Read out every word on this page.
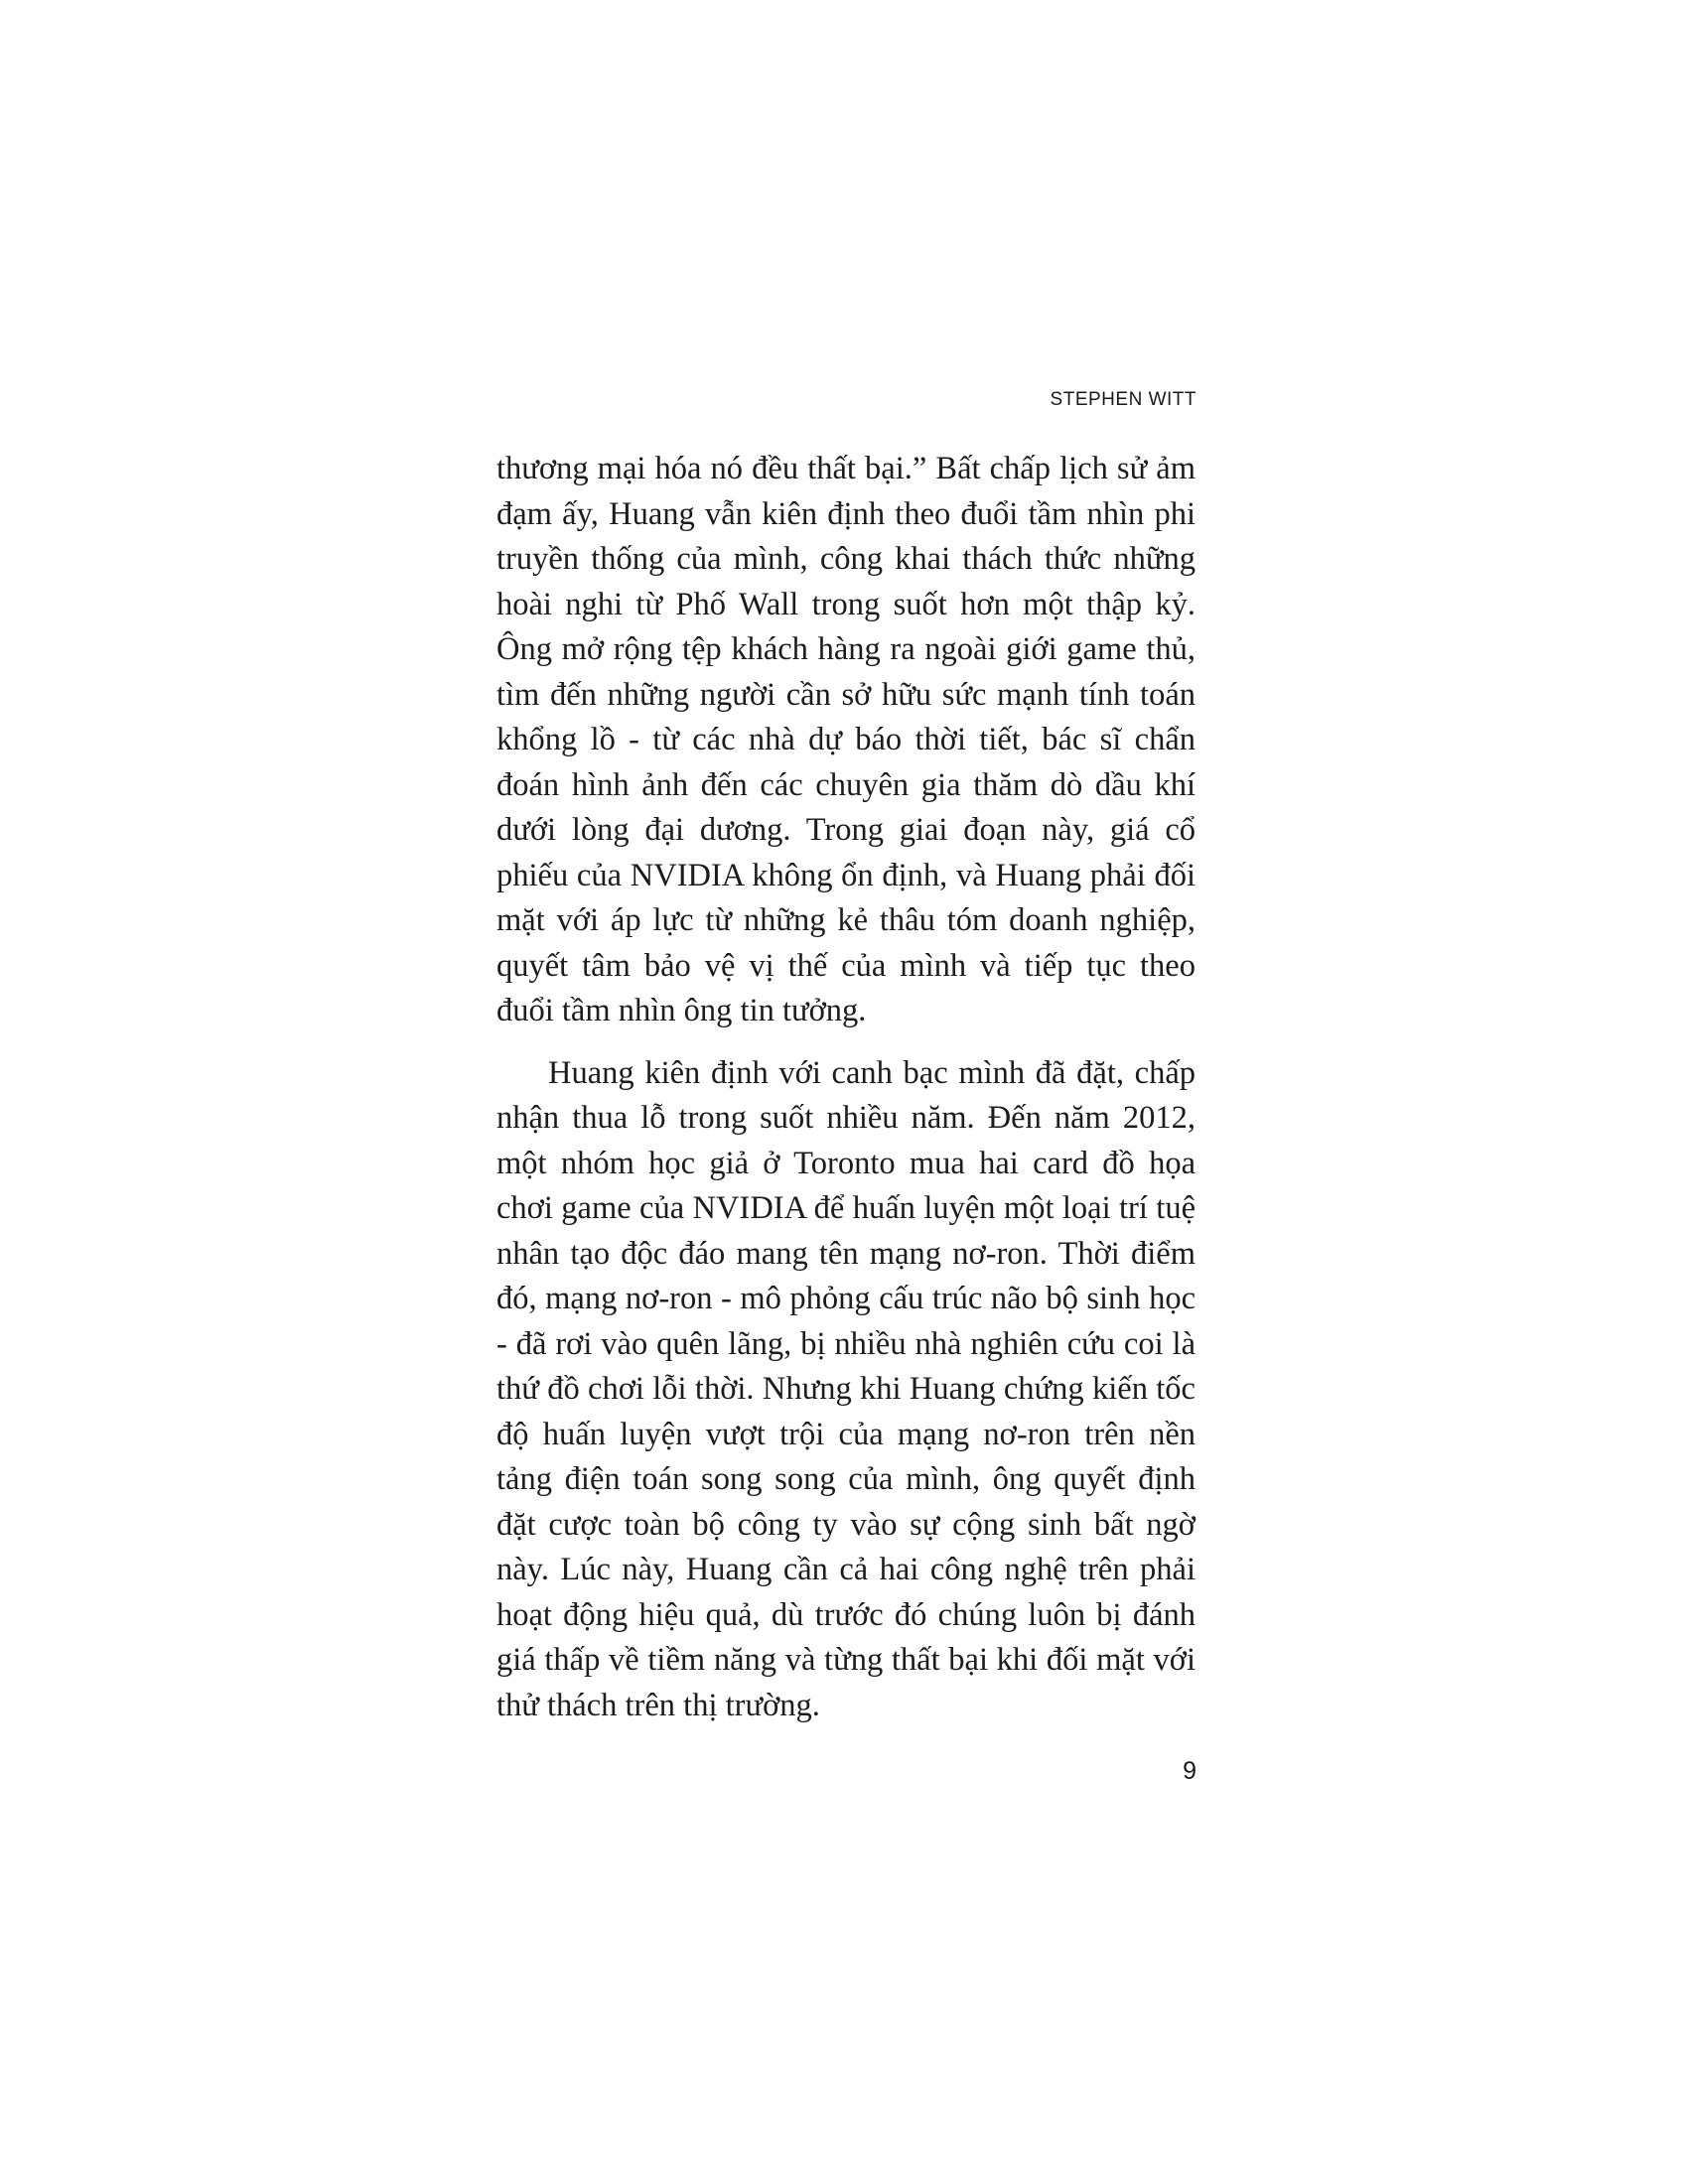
STEPHEN WITT

thương mại hóa nó đều thất bại.” Bất chấp lịch sử ảm đạm ấy, Huang vẫn kiên định theo đuổi tầm nhìn phi truyền thống của mình, công khai thách thức những hoài nghi từ Phố Wall trong suốt hơn một thập kỷ. Ông mở rộng tệp khách hàng ra ngoài giới game thủ, tìm đến những người cần sở hữu sức mạnh tính toán khổng lồ - từ các nhà dự báo thời tiết, bác sĩ chẩn đoán hình ảnh đến các chuyên gia thăm dò dầu khí dưới lòng đại dương. Trong giai đoạn này, giá cổ phiếu của NVIDIA không ổn định, và Huang phải đối mặt với áp lực từ những kẻ thâu tóm doanh nghiệp, quyết tâm bảo vệ vị thế của mình và tiếp tục theo đuổi tầm nhìn ông tin tưởng.

Huang kiên định với canh bạc mình đã đặt, chấp nhận thua lỗ trong suốt nhiều năm. Đến năm 2012, một nhóm học giả ở Toronto mua hai card đồ họa chơi game của NVIDIA để huấn luyện một loại trí tuệ nhân tạo độc đáo mang tên mạng nơ-ron. Thời điểm đó, mạng nơ-ron - mô phỏng cấu trúc não bộ sinh học - đã rơi vào quên lãng, bị nhiều nhà nghiên cứu coi là thứ đồ chơi lỗi thời. Nhưng khi Huang chứng kiến tốc độ huấn luyện vượt trội của mạng nơ-ron trên nền tảng điện toán song song của mình, ông quyết định đặt cược toàn bộ công ty vào sự cộng sinh bất ngờ này. Lúc này, Huang cần cả hai công nghệ trên phải hoạt động hiệu quả, dù trước đó chúng luôn bị đánh giá thấp về tiềm năng và từng thất bại khi đối mặt với thử thách trên thị trường.

9
